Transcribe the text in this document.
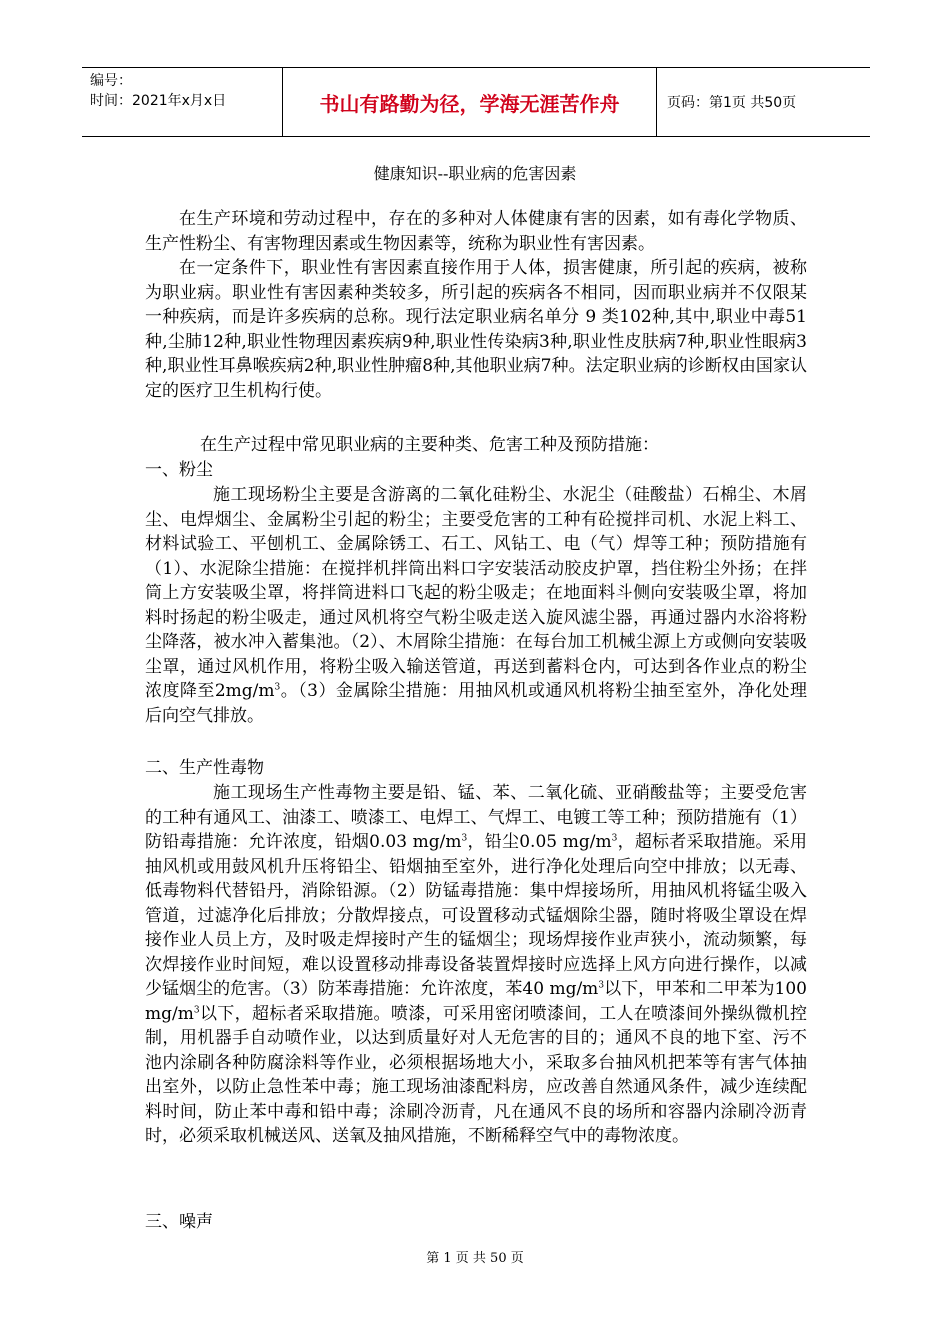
编号：
时间：2021年x月x日	书山有路勤为径，学海无涯苦作舟	页码：第1页 共50页
健康知识--职业病的危害因素

在生产环境和劳动过程中，存在的多种对人体健康有害的因素，如有毒化学物质、生产性粉尘、有害物理因素或生物因素等，统称为职业性有害因素。

在一定条件下，职业性有害因素直接作用于人体，损害健康，所引起的疾病，被称为职业病。职业性有害因素种类较多，所引起的疾病各不相同，因而职业病并不仅限某一种疾病，而是许多疾病的总称。现行法定职业病名单分 9 类102种,其中,职业中毒51种,尘肺12种,职业性物理因素疾病9种,职业性传染病3种,职业性皮肤病7种,职业性眼病3种,职业性耳鼻喉疾病2种,职业性肿瘤8种,其他职业病7种。法定职业病的诊断权由国家认定的医疗卫生机构行使。

在生产过程中常见职业病的主要种类、危害工种及预防措施：
一、粉尘

施工现场粉尘主要是含游离的二氧化硅粉尘、水泥尘（硅酸盐）石棉尘、木屑尘、电焊烟尘、金属粉尘引起的粉尘；主要受危害的工种有砼搅拌司机、水泥上料工、材料试验工、平刨机工、金属除锈工、石工、风钻工、电（气）焊等工种；预防措施有（1）、水泥除尘措施：在搅拌机拌筒出料口字安装活动胶皮护罩，挡住粉尘外扬；在拌筒上方安装吸尘罩，将拌筒进料口飞起的粉尘吸走；在地面料斗侧向安装吸尘罩，将加料时扬起的粉尘吸走，通过风机将空气粉尘吸走送入旋风滤尘器，再通过器内水浴将粉尘降落，被水冲入蓄集池。（2）、木屑除尘措施：在每台加工机械尘源上方或侧向安装吸尘罩，通过风机作用，将粉尘吸入输送管道，再送到蓄料仓内，可达到各作业点的粉尘浓度降至$2mg/m^3$。（3）金属除尘措施：用抽风机或通风机将粉尘抽至室外，净化处理后向空气排放。

二、生产性毒物

施工现场生产性毒物主要是铅、锰、苯、二氧化硫、亚硝酸盐等；主要受危害的工种有通风工、油漆工、喷漆工、电焊工、气焊工、电镀工等工种；预防措施有（1）防铅毒措施：允许浓度，铅烟0.03 $mg/m^3$，铅尘0.05 $mg/m^3$，超标者采取措施。采用抽风机或用鼓风机升压将铅尘、铅烟抽至室外，进行净化处理后向空中排放；以无毒、低毒物料代替铅丹，消除铅源。（2）防锰毒措施：集中焊接场所，用抽风机将锰尘吸入管道，过滤净化后排放；分散焊接点，可设置移动式锰烟除尘器，随时将吸尘罩设在焊接作业人员上方，及时吸走焊接时产生的锰烟尘；现场焊接作业声狭小，流动频繁，每次焊接作业时间短，难以设置移动排毒设备装置焊接时应选择上风方向进行操作，以减少锰烟尘的危害。（3）防苯毒措施：允许浓度，苯40 $mg/m^3$以下，甲苯和二甲苯为100 $mg/m^3$以下，超标者采取措施。喷漆，可采用密闭喷漆间，工人在喷漆间外操纵微机控制，用机器手自动喷作业，以达到质量好对人无危害的目的；通风不良的地下室、污不池内涂刷各种防腐涂料等作业，必须根据场地大小，采取多台抽风机把苯等有害气体抽出室外，以防止急性苯中毒；施工现场油漆配料房，应改善自然通风条件，减少连续配料时间，防止苯中毒和铅中毒；涂刷冷沥青，凡在通风不良的场所和容器内涂刷冷沥青时，必须采取机械送风、送氧及抽风措施，不断稀释空气中的毒物浓度。

三、噪声
第 1 页 共 50 页
